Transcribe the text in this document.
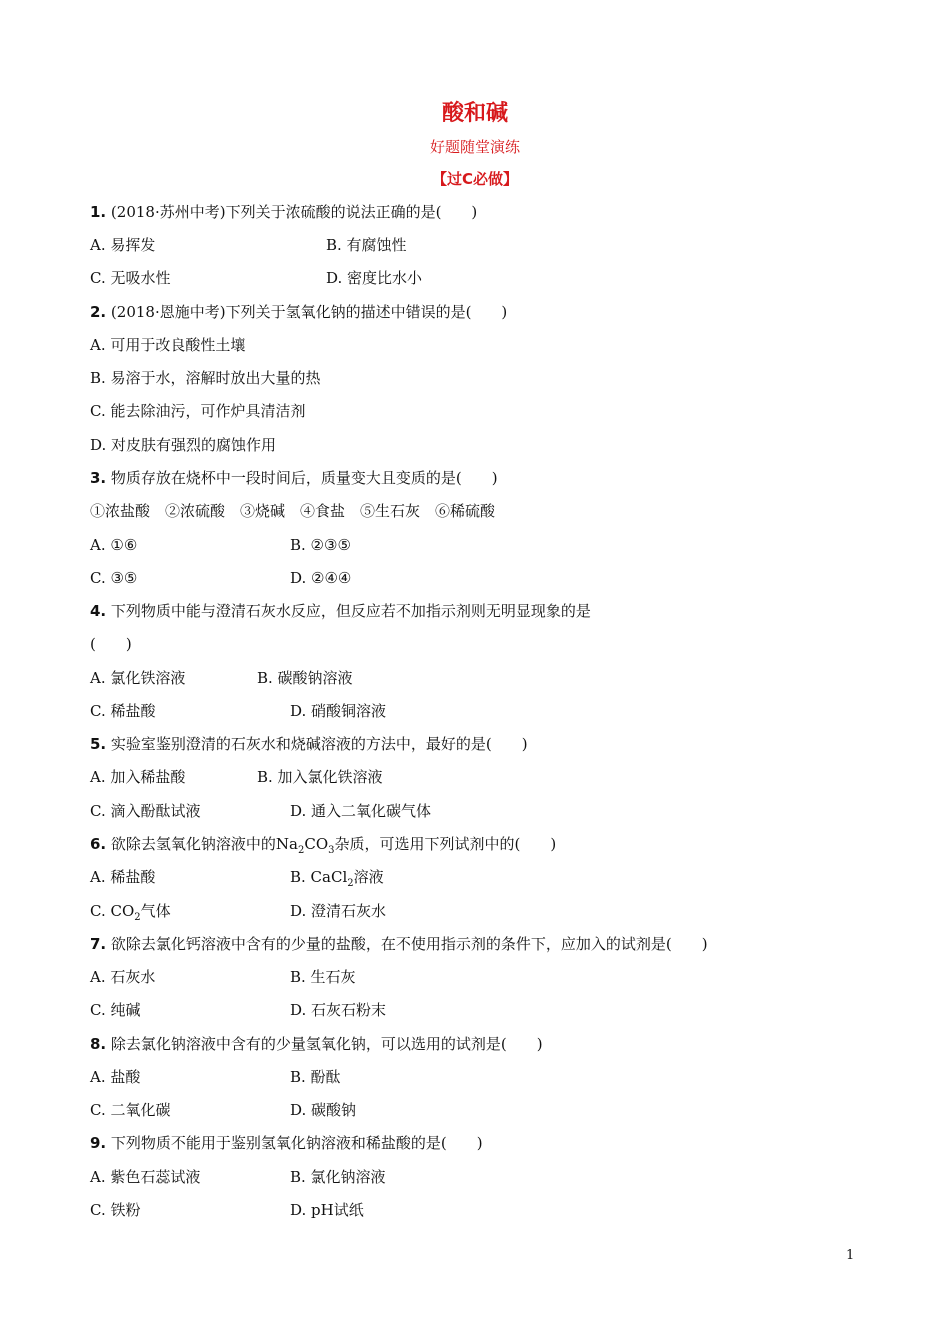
酸和碱
好题随堂演练
【过C必做】
1. (2018·苏州中考)下列关于浓硫酸的说法正确的是(　　)
A. 易挥发	B. 有腐蚀性
C. 无吸水性	D. 密度比水小
2. (2018·恩施中考)下列关于氢氧化钠的描述中错误的是(　　)
A. 可用于改良酸性土壤
B. 易溶于水，溶解时放出大量的热
C. 能去除油污，可作炉具清洁剂
D. 对皮肤有强烈的腐蚀作用
3. 物质存放在烧杯中一段时间后，质量变大且变质的是(　　)
①浓盐酸　②浓硫酸　③烧碱　④食盐　⑤生石灰　⑥稀硫酸
A. ①⑥	B. ②③⑤
C. ③⑤	D. ②④④
4. 下列物质中能与澄清石灰水反应，但反应若不加指示剂则无明显现象的是
(　　)
A. 氯化铁溶液	B. 碳酸钠溶液
C. 稀盐酸	D. 硝酸铜溶液
5. 实验室鉴别澄清的石灰水和烧碱溶液的方法中，最好的是(　　)
A. 加入稀盐酸	B. 加入氯化铁溶液
C. 滴入酚酞试液	D. 通入二氧化碳气体
6. 欲除去氢氧化钠溶液中的$Na_2CO_3$杂质，可选用下列试剂中的(　　)
A. 稀盐酸	B. CaCl$_2$溶液
C. $CO_2$气体	D. 澄清石灰水
7. 欲除去氯化钙溶液中含有的少量的盐酸，在不使用指示剂的条件下，应加入的试剂是(　　)
A. 石灰水	B. 生石灰
C. 纯碱	D. 石灰石粉末
8. 除去氯化钠溶液中含有的少量氢氧化钠，可以选用的试剂是(　　)
A. 盐酸	B. 酚酞
C. 二氧化碳	D. 碳酸钠
9. 下列物质不能用于鉴别氢氧化钠溶液和稀盐酸的是(　　)
A. 紫色石蕊试液	B. 氯化钠溶液
C. 铁粉	D. pH试纸
1
